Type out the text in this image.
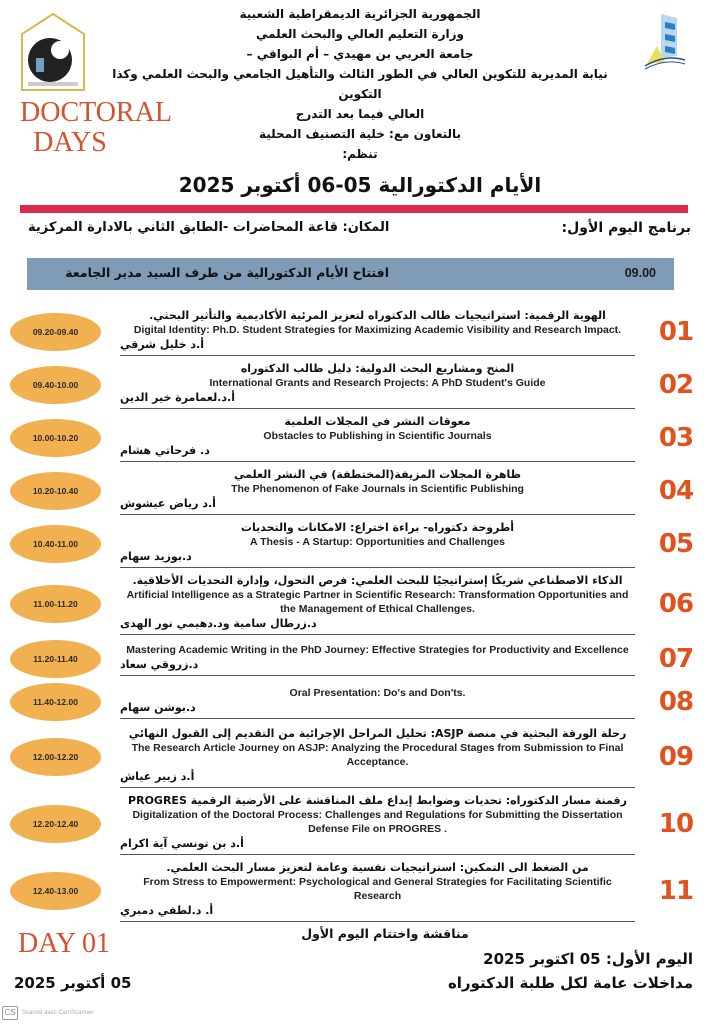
DOCTORAL
DAYS
الجمهورية الجزائرية الديمقراطية الشعبية
وزارة التعليم العالي والبحث العلمي
جامعة العربي بن مهيدي – أم البواقي –
نيابة المديرية للتكوين العالي في الطور الثالث والتأهيل الجامعي والبحث العلمي وكذا التكوين
العالي فيما بعد التدرج
بالتعاون مع: خلية التصنيف المحلية
تنظم:
الأيام الدكتورالية 05-06 أكتوبر 2025
برنامج اليوم الأول:
المكان: قاعة المحاضرات -الطابق الثاني بالادارة المركزية
09.00
افتتاح الأيام الدكتورالية من طرف السيد مدير الجامعة
09.20-09.40
الهوية الرقمية: استراتيجيات طالب الدكتوراه لتعزيز المرئية الأكاديمية والتأثير البحثي.
Digital Identity: Ph.D. Student Strategies for Maximizing Academic Visibility and Research Impact.
أ.د خليل شرقي	01
09.40-10.00
المنح ومشاريع البحث الدولية: دليل طالب الدكتوراه
International Grants and Research Projects: A PhD Student's Guide
أ.د.لعمامرة خير الدين	02
10.00-10.20
معوقات النشر في المجلات العلمية
Obstacles to Publishing in Scientific Journals
د. فرحاتي هشام	03
10.20-10.40
ظاهرة المجلات المزيفة(المختطفة) في النشر العلمي
The Phenomenon of Fake Journals in Scientific Publishing
أ.د رياض عيشوش	04
10.40-11.00
أطروحة دكتوراه- براءة اختراع: الامكانات والتحديات
A Thesis - A Startup: Opportunities and Challenges
د.بوزيد سهام	05
11.00-11.20
الذكاء الاصطناعي شريكًا إستراتيجيًا للبحث العلمي: فرص التحول، وإدارة التحديات الأخلاقية.
Artificial Intelligence as a Strategic Partner in Scientific Research: Transformation Opportunities and the Management of Ethical Challenges.
د.زرطال سامية ود.دهيمي نور الهدى
06
11.20-11.40
Mastering Academic Writing in the PhD Journey: Effective Strategies for Productivity and Excellence
د.زروقي سعاد	07
11.40-12.00
Oral Presentation: Do's and Don'ts.
د.بوشن سهام	08
12.00-12.20
رحلة الورقة البحثية في منصة ASJP: تحليل المراحل الإجرائية من التقديم إلى القبول النهائي
The Research Article Journey on ASJP: Analyzing the Procedural Stages from Submission to Final Acceptance.
أ.د زبير عياش
09
12.20-12.40
رقمنة مسار الدكتوراه: تحديات وضوابط إيداع ملف المناقشة على الأرضية الرقمية PROGRES
Digitalization of the Doctoral Process: Challenges and Regulations for Submitting the Dissertation Defense File on PROGRES .
أ.د بن تونسي آية اكرام
10
12.40-13.00
من الضغط الى التمكين: استراتيجيات نفسية وعامة لتعزيز مسار البحث العلمي.
From Stress to Empowerment: Psychological and General Strategies for Facilitating Scientific Research
أ. د.لطفي دمبري
11
مناقشة واختتام اليوم الأول
DAY 01
05 أكتوبر 2025
اليوم الأول: 05 اكتوبر 2025
مداخلات عامة لكل طلبة الدكتوراه
CS	Scanné avec CamScanner
